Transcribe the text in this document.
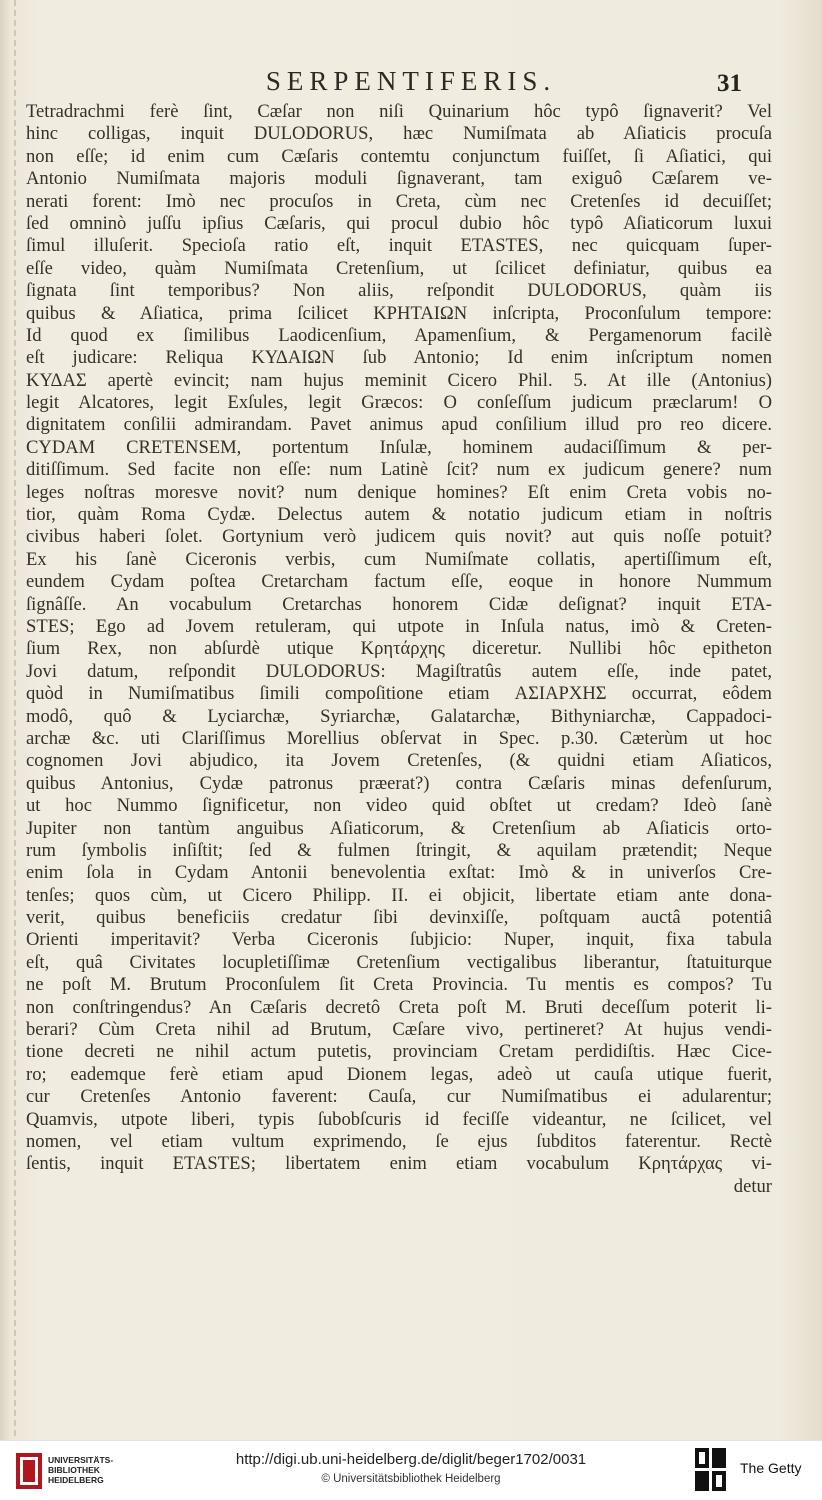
SERPENTIFERIS.	31
Tetradrachmi ferè ſint, Cæſar non niſi Quinarium hôc typô ſignaverit? Vel
hinc colligas, inquit DULODORUS, hæc Numiſmata ab Aſiaticis procuſa
non eſſe; id enim cum Cæſaris contemtu conjunctum fuiſſet, ſi Aſiatici, qui
Antonio Numiſmata majoris moduli ſignaverant, tam exiguô Cæſarem ve-
nerati forent: Imò nec procuſos in Creta, cùm nec Cretenſes id decuiſſet;
ſed omninò juſſu ipſius Cæſaris, qui procul dubio hôc typô Aſiaticorum luxui
ſimul illuſerit. Specioſa ratio eſt, inquit ETASTES, nec quicquam ſuper-
eſſe video, quàm Numiſmata Cretenſium, ut ſcilicet definiatur, quibus ea
ſignata ſint temporibus? Non aliis, reſpondit DULODORUS, quàm iis
quibus & Aſiatica, prima ſcilicet ΚΡΗΤΑΙΩΝ inſcripta, Proconſulum tempore:
Id quod ex ſimilibus Laodicenſium, Apamenſium, & Pergamenorum facilè
eſt judicare: Reliqua ΚΥΔΑΙΩΝ ſub Antonio; Id enim inſcriptum nomen
ΚΥΔΑΣ apertè evincit; nam hujus meminit Cicero Phil. 5. At ille (Antonius)
legit Alcatores, legit Exſules, legit Græcos: O conſeſſum judicum præclarum! O
dignitatem conſilii admirandam. Pavet animus apud conſilium illud pro reo dicere.
CYDAM CRETENSEM, portentum Inſulæ, hominem audaciſſimum & per-
ditiſſimum. Sed facite non eſſe: num Latinè ſcit? num ex judicum genere? num
leges noſtras moresve novit? num denique homines? Eſt enim Creta vobis no-
tior, quàm Roma Cydæ. Delectus autem & notatio judicum etiam in noſtris
civibus haberi ſolet. Gortynium verò judicem quis novit? aut quis noſſe potuit?
Ex his ſanè Ciceronis verbis, cum Numiſmate collatis, apertiſſimum eſt,
eundem Cydam poſtea Cretarcham factum eſſe, eoque in honore Nummum
ſignâſſe. An vocabulum Cretarchas honorem Cidæ deſignat? inquit ETA-
STES; Ego ad Jovem retuleram, qui utpote in Inſula natus, imò & Creten-
ſium Rex, non abſurdè utique Κρητάρχης diceretur. Nullibi hôc epitheton
Jovi datum, reſpondit DULODORUS: Magiſtratûs autem eſſe, inde patet,
quòd in Numiſmatibus ſimili compoſitione etiam ΑΣΙΑΡΧΗΣ occurrat, eôdem
modô, quô & Lyciarchæ, Syriarchæ, Galatarchæ, Bithyniarchæ, Cappadoci-
archæ &c. uti Clariſſimus Morellius obſervat in Spec. p.30. Cæterùm ut hoc
cognomen Jovi abjudico, ita Jovem Cretenſes, (& quidni etiam Aſiaticos,
quibus Antonius, Cydæ patronus præerat?) contra Cæſaris minas defenſurum,
ut hoc Nummo ſignificetur, non video quid obſtet ut credam? Ideò ſanè
Jupiter non tantùm anguibus Aſiaticorum, & Cretenſium ab Aſiaticis orto-
rum ſymbolis inſiſtit; ſed & fulmen ſtringit, & aquilam prætendit; Neque
enim ſola in Cydam Antonii benevolentia exſtat: Imò & in univerſos Cre-
tenſes; quos cùm, ut Cicero Philipp. II. ei objicit, libertate etiam ante dona-
verit, quibus beneficiis credatur ſibi devinxiſſe, poſtquam auctâ potentiâ
Orienti imperitavit? Verba Ciceronis ſubjicio: Nuper, inquit, fixa tabula
eſt, quâ Civitates locupletiſſimæ Cretenſium vectigalibus liberantur, ſtatuiturque
ne poſt M. Brutum Proconſulem ſit Creta Provincia. Tu mentis es compos? Tu
non conſtringendus? An Cæſaris decretô Creta poſt M. Bruti deceſſum poterit li-
berari? Cùm Creta nihil ad Brutum, Cæſare vivo, pertineret? At hujus vendi-
tione decreti ne nihil actum putetis, provinciam Cretam perdidiſtis. Hæc Cice-
ro; eademque ferè etiam apud Dionem legas, adeò ut cauſa utique fuerit,
cur Cretenſes Antonio faverent: Cauſa, cur Numiſmatibus ei adularentur;
Quamvis, utpote liberi, typis ſubobſcuris id feciſſe videantur, ne ſcilicet, vel
nomen, vel etiam vultum exprimendo, ſe ejus ſubditos faterentur. Rectè
ſentis, inquit ETASTES; libertatem enim etiam vocabulum Κρητάρχας vi-
detur
UNIVERSITÄTS-
BIBLIOTHEK
HEIDELBERG
http://digi.ub.uni-heidelberg.de/diglit/beger1702/0031
© Universitätsbibliothek Heidelberg
The Getty
